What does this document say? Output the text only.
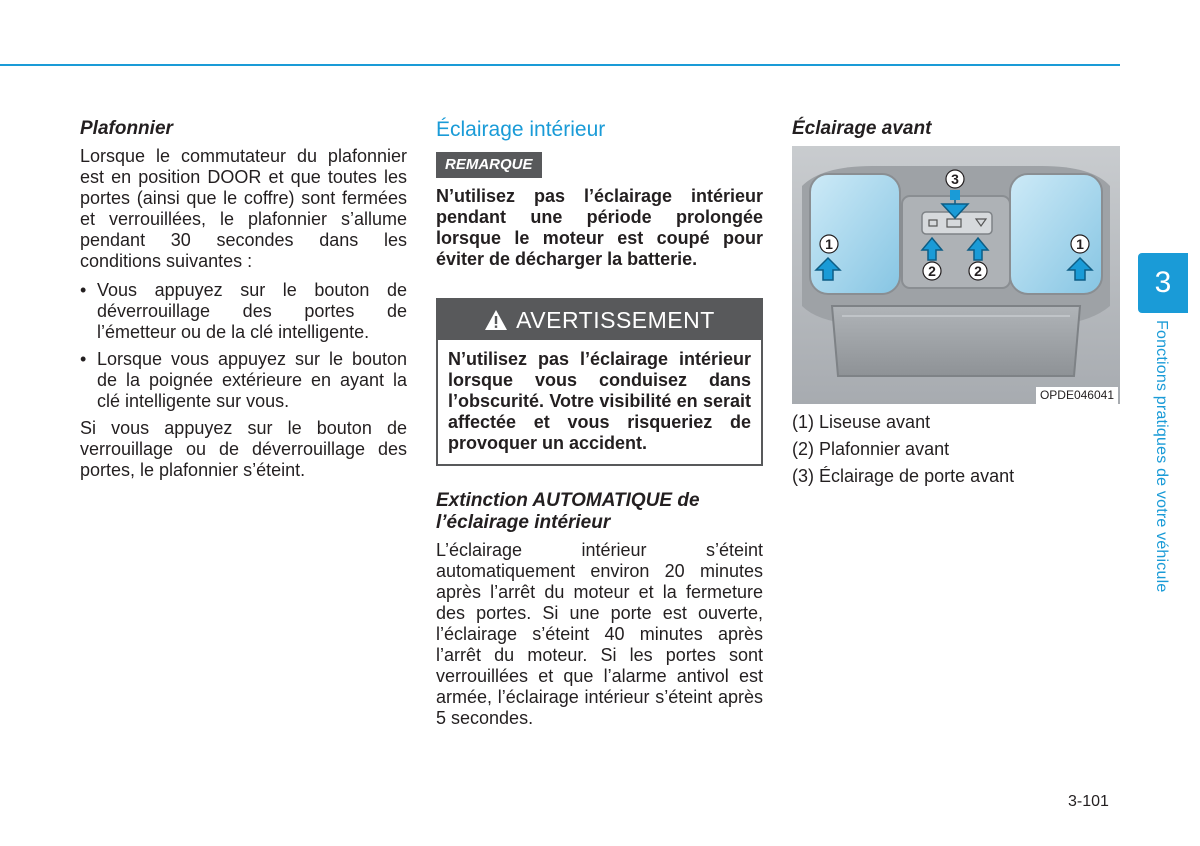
Plafonnier

Lorsque le commutateur du plafonnier est en position DOOR et que toutes les portes (ainsi que le coffre) sont fermées et verrouillées, le plafonnier s’allume pendant 30 secondes dans les conditions suivantes :

• Vous appuyez sur le bouton de déverrouillage des portes de l’émetteur ou de la clé intelligente.
• Lorsque vous appuyez sur le bouton de la poignée extérieure en ayant la clé intelligente sur vous.

Si vous appuyez sur le bouton de verrouillage ou de déverrouillage des portes, le plafonnier s’éteint.

Éclairage intérieur
REMARQUE

N’utilisez pas l’éclairage intérieur pendant une période prolongée lorsque le moteur est coupé pour éviter de décharger la batterie.

AVERTISSEMENT
N’utilisez pas l’éclairage intérieur lorsque vous conduisez dans l’obscurité. Votre visibilité en serait affectée et vous risqueriez de provoquer un accident.
Extinction AUTOMATIQUE de l’éclairage intérieur

L’éclairage intérieur s’éteint automatiquement environ 20 minutes après l’arrêt du moteur et la fermeture des portes. Si une porte est ouverte, l’éclairage s’éteint 40 minutes après l’arrêt du moteur. Si les portes sont verrouillées et que l’alarme antivol est armée, l’éclairage intérieur s’éteint après 5 secondes.

Éclairage avant
3
1	1
2	2
OPDE046041
(1) Liseuse avant
(2) Plafonnier avant
(3) Éclairage de porte avant
3
Fonctions pratiques de votre véhicule
3-101
